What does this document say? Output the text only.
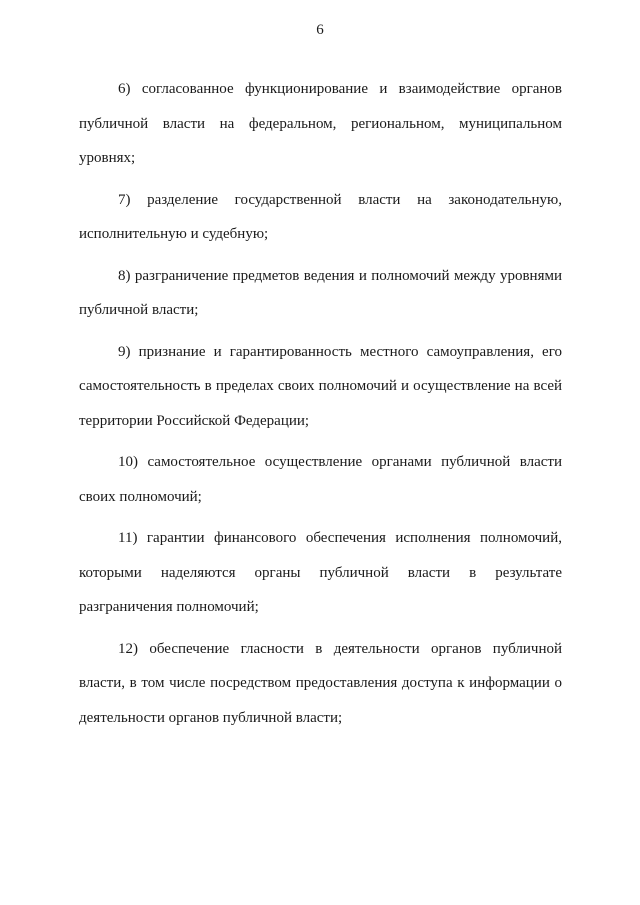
6

6) согласованное функционирование и взаимодействие органов публичной власти на федеральном, региональном, муниципальном уровнях;

7) разделение государственной власти на законодательную, исполнительную и судебную;

8) разграничение предметов ведения и полномочий между уровнями публичной власти;

9) признание и гарантированность местного самоуправления, его самостоятельность в пределах своих полномочий и осуществление на всей территории Российской Федерации;

10) самостоятельное осуществление органами публичной власти своих полномочий;

11) гарантии финансового обеспечения исполнения полномочий, которыми наделяются органы публичной власти в результате разграничения полномочий;

12) обеспечение гласности в деятельности органов публичной власти, в том числе посредством предоставления доступа к информации о деятельности органов публичной власти;
